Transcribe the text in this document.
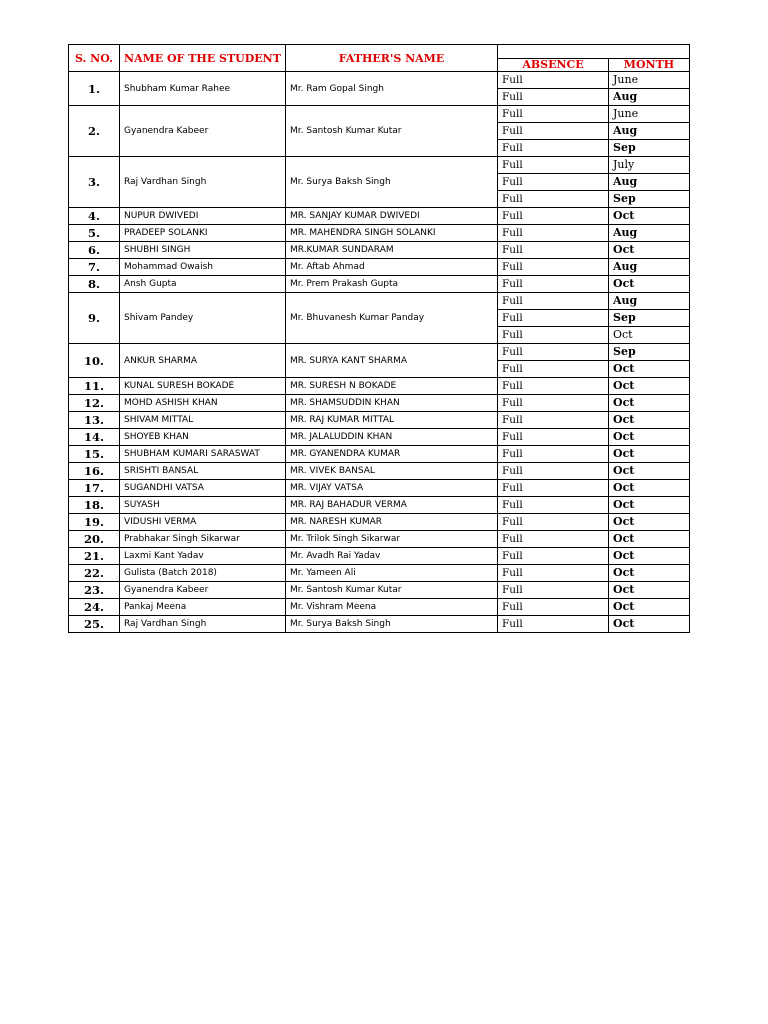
S. NO.	NAME OF THE STUDENT	FATHER'S NAME		
			ABSENCE	MONTH
1.	Shubham Kumar Rahee	Mr. Ram Gopal Singh	Full	June
			Full	Aug
2.	Gyanendra Kabeer	Mr. Santosh Kumar Kutar	Full	June
			Full	Aug
			Full	Sep
3.	Raj Vardhan Singh	Mr. Surya Baksh Singh	Full	July
			Full	Aug
			Full	Sep
4.	NUPUR DWIVEDI	MR. SANJAY KUMAR DWIVEDI	Full	Oct
5.	PRADEEP SOLANKI	MR. MAHENDRA SINGH SOLANKI	Full	Aug
6.	SHUBHI SINGH	MR.KUMAR SUNDARAM	Full	Oct
7.	Mohammad Owaish	Mr. Aftab Ahmad	Full	Aug
8.	Ansh Gupta	Mr. Prem Prakash Gupta	Full	Oct
9.	Shivam Pandey	Mr. Bhuvanesh Kumar Panday	Full	Aug
			Full	Sep
			Full	Oct
10.	ANKUR SHARMA	MR. SURYA KANT SHARMA	Full	Sep
			Full	Oct
11.	KUNAL SURESH BOKADE	MR. SURESH N BOKADE	Full	Oct
12.	MOHD ASHISH KHAN	MR. SHAMSUDDIN KHAN	Full	Oct
13.	SHIVAM MITTAL	MR. RAJ KUMAR MITTAL	Full	Oct
14.	SHOYEB KHAN	MR. JALALUDDIN KHAN	Full	Oct
15.	SHUBHAM KUMARI SARASWAT	MR. GYANENDRA KUMAR	Full	Oct
16.	SRISHTI BANSAL	MR. VIVEK BANSAL	Full	Oct
17.	SUGANDHI VATSA	MR. VIJAY VATSA	Full	Oct
18.	SUYASH	MR. RAJ BAHADUR VERMA	Full	Oct
19.	VIDUSHI VERMA	MR. NARESH KUMAR	Full	Oct
20.	Prabhakar Singh Sikarwar	Mr. Trilok Singh Sikarwar	Full	Oct
21.	Laxmi Kant Yadav	Mr. Avadh Rai Yadav	Full	Oct
22.	Gulista (Batch 2018)	Mr. Yameen Ali	Full	Oct
23.	Gyanendra Kabeer	Mr. Santosh Kumar Kutar	Full	Oct
24.	Pankaj Meena	Mr. Vishram Meena	Full	Oct
25.	Raj Vardhan Singh	Mr. Surya Baksh Singh	Full	Oct
